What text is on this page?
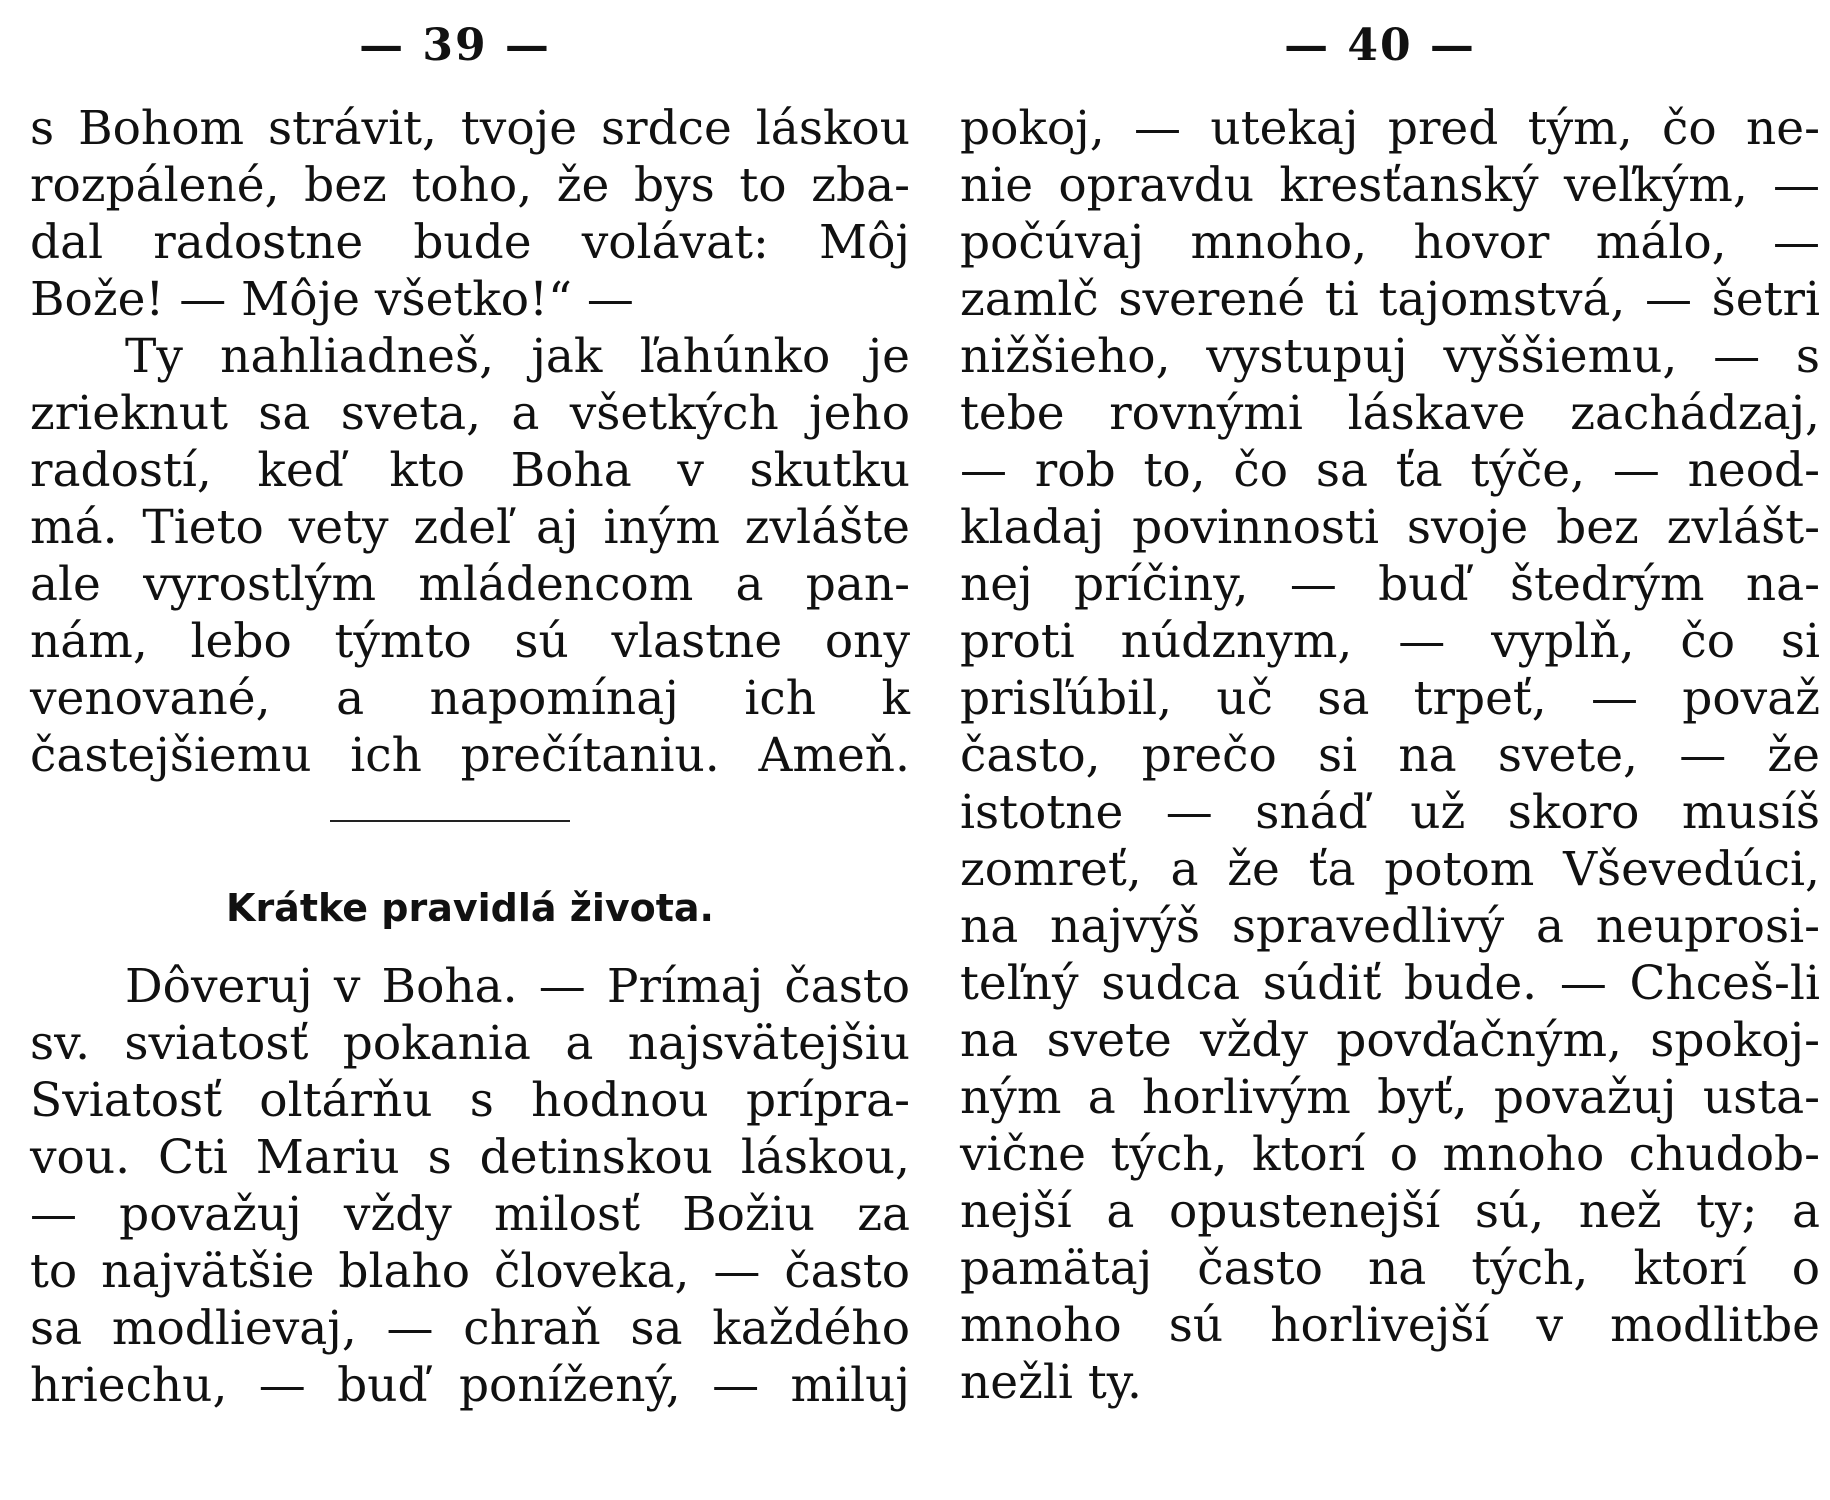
— 39 —
s Bohom strávit, tvoje srdce láskou
rozpálené, bez toho, že bys to zba-
dal radostne bude volávat: Môj
Bože! — Môje všetko!“ —
Ty nahliadneš, jak ľahúnko je
zrieknut sa sveta, a všetkých jeho
radostí, keď kto Boha v skutku
má. Tieto vety zdeľ aj iným zvlášte
ale vyrostlým mládencom a pan-
nám, lebo týmto sú vlastne ony
venované, a napomínaj ich k
častejšiemu ich prečítaniu. Ameň.
Krátke pravidlá života.
Dôveruj v Boha. — Prímaj často
sv. sviatosť pokania a najsvätejšiu
Sviatosť oltárňu s hodnou príprа-
vou. Cti Mariu s detinskou láskou,
— považuj vždy milosť Božiu za
to najvätšie blaho človeka, — často
sa modlievaj, — chraň sa každého
hriechu, — buď ponížený, — miluj
— 40 —
pokoj, — utekaj pred tým, čo ne-
nie opravdu kresťanský veľkým, —
počúvaj mnoho, hovor málo, —
zamlč sverené ti tajomstvá, — šetri
nižšieho, vystupuj vyššiemu, — s
tebe rovnými láskave zachádzaj,
— rob to, čo sa ťa týče, — neod-
kladaj povinnosti svoje bez zvlášt-
nej príčiny, — buď štedrým na-
proti núdznym, — vyplň, čo si
prisľúbil, uč sa trpeť, — považ
často, prečo si na svete, — že
istotne — snáď už skoro musíš
zomreť, a že ťa potom Vševedúci,
na najvýš spravedlivý a neuprosi-
teľný sudca súdiť bude. — Chceš-li
na svete vždy povďačným, spokoj-
ným a horlivým byť, považuj usta-
vične tých, ktorí o mnoho chudob-
nejší a opustenejší sú, než ty; a
pamätaj často na tých, ktorí o
mnoho sú horlivejší v modlitbe
nežli ty.
